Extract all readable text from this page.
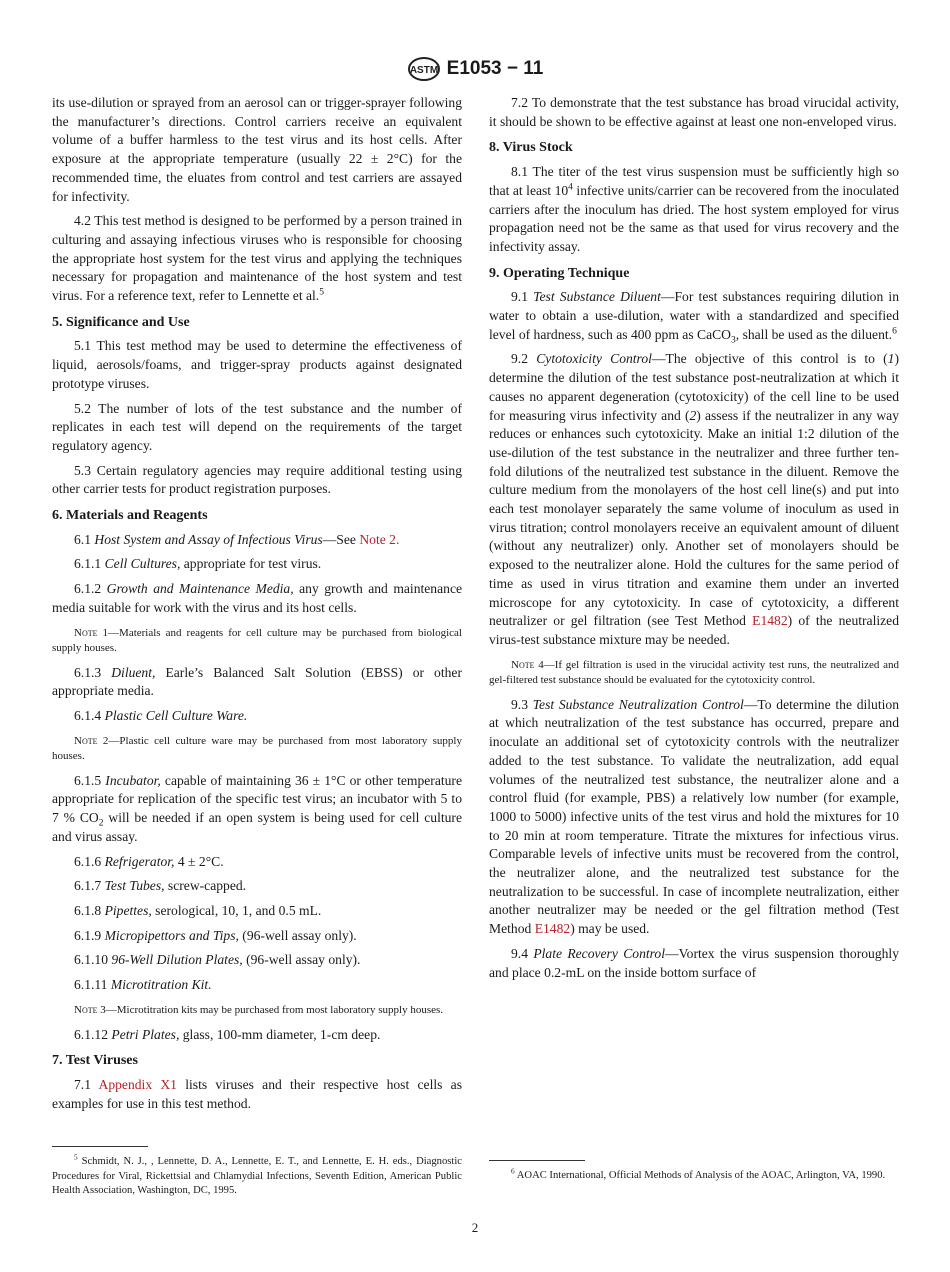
ASTM E1053 − 11
its use-dilution or sprayed from an aerosol can or trigger-sprayer following the manufacturer’s directions. Control carriers receive an equivalent volume of a buffer harmless to the test virus and its host cells. After exposure at the appropriate temperature (usually 22 ± 2°C) for the recommended time, the eluates from control and test carriers are assayed for infectivity.
4.2 This test method is designed to be performed by a person trained in culturing and assaying infectious viruses who is responsible for choosing the appropriate host system for the test virus and applying the techniques necessary for propagation and maintenance of the host system and test virus. For a reference text, refer to Lennette et al.$^5$
5. Significance and Use
5.1 This test method may be used to determine the effectiveness of liquid, aerosols/foams, and trigger-spray products against designated prototype viruses.
5.2 The number of lots of the test substance and the number of replicates in each test will depend on the requirements of the target regulatory agency.
5.3 Certain regulatory agencies may require additional testing using other carrier tests for product registration purposes.
6. Materials and Reagents
6.1 Host System and Assay of Infectious Virus—See Note 2.
6.1.1 Cell Cultures, appropriate for test virus.
6.1.2 Growth and Maintenance Media, any growth and maintenance media suitable for work with the virus and its host cells.
Note 1—Materials and reagents for cell culture may be purchased from biological supply houses.
6.1.3 Diluent, Earle’s Balanced Salt Solution (EBSS) or other appropriate media.
6.1.4 Plastic Cell Culture Ware.
Note 2—Plastic cell culture ware may be purchased from most laboratory supply houses.
6.1.5 Incubator, capable of maintaining 36 ± 1°C or other temperature appropriate for replication of the specific test virus; an incubator with 5 to 7 % $CO_2$ will be needed if an open system is being used for cell culture and virus assay.
6.1.6 Refrigerator, 4 ± 2°C.
6.1.7 Test Tubes, screw-capped.
6.1.8 Pipettes, serological, 10, 1, and 0.5 mL.
6.1.9 Micropipettors and Tips, (96-well assay only).
6.1.10 96-Well Dilution Plates, (96-well assay only).
6.1.11 Microtitration Kit.
Note 3—Microtitration kits may be purchased from most laboratory supply houses.
6.1.12 Petri Plates, glass, 100-mm diameter, 1-cm deep.
7. Test Viruses
7.1 Appendix X1 lists viruses and their respective host cells as examples for use in this test method.
7.2 To demonstrate that the test substance has broad virucidal activity, it should be shown to be effective against at least one non-enveloped virus.
8. Virus Stock
8.1 The titer of the test virus suspension must be sufficiently high so that at least $10^4$ infective units/carrier can be recovered from the inoculated carriers after the inoculum has dried. The host system employed for virus propagation need not be the same as that used for virus recovery and the infectivity assay.
9. Operating Technique
9.1 Test Substance Diluent—For test substances requiring dilution in water to obtain a use-dilution, water with a standardized and specified level of hardness, such as 400 ppm as CaCO$_3$, shall be used as the diluent.$^6$
9.2 Cytotoxicity Control—The objective of this control is to (1) determine the dilution of the test substance post-neutralization at which it causes no apparent degeneration (cytotoxicity) of the cell line to be used for measuring virus infectivity and (2) assess if the neutralizer in any way reduces or enhances such cytotoxicity. Make an initial 1:2 dilution of the use-dilution of the test substance in the neutralizer and three further ten-fold dilutions of the neutralized test substance in the diluent. Remove the culture medium from the monolayers of the host cell line(s) and put into each test monolayer separately the same volume of inoculum as used in virus titration; control monolayers receive an equivalent amount of diluent (without any neutralizer) only. Another set of monolayers should be exposed to the neutralizer alone. Hold the cultures for the same period of time as used in virus titration and examine them under an inverted microscope for any cytotoxicity. In case of cytotoxicity, a different neutralizer or gel filtration (see Test Method E1482) of the neutralized virus-test substance mixture may be needed.
Note 4—If gel filtration is used in the virucidal activity test runs, the neutralized and gel-filtered test substance should be evaluated for the cytotoxicity control.
9.3 Test Substance Neutralization Control—To determine the dilution at which neutralization of the test substance has occurred, prepare and inoculate an additional set of cytotoxicity controls with the neutralizer added to the test substance. To validate the neutralization, add equal volumes of the neutralized test substance, the neutralizer alone and a control fluid (for example, PBS) a relatively low number (for example, 1000 to 5000) infective units of the test virus and hold the mixtures for 10 to 20 min at room temperature. Titrate the mixtures for infectious virus. Comparable levels of infective units must be recovered from the control, the neutralizer alone, and the neutralized test substance for the neutralization to be successful. In case of incomplete neutralization, either another neutralizer may be needed or the gel filtration method (Test Method E1482) may be used.
9.4 Plate Recovery Control—Vortex the virus suspension thoroughly and place 0.2-mL on the inside bottom surface of
$^5$ Schmidt, N. J., , Lennette, D. A., Lennette, E. T., and Lennette, E. H. eds., Diagnostic Procedures for Viral, Rickettsial and Chlamydial Infections, Seventh Edition, American Public Health Association, Washington, DC, 1995.
$^6$ AOAC International, Official Methods of Analysis of the AOAC, Arlington, VA, 1990.
2
